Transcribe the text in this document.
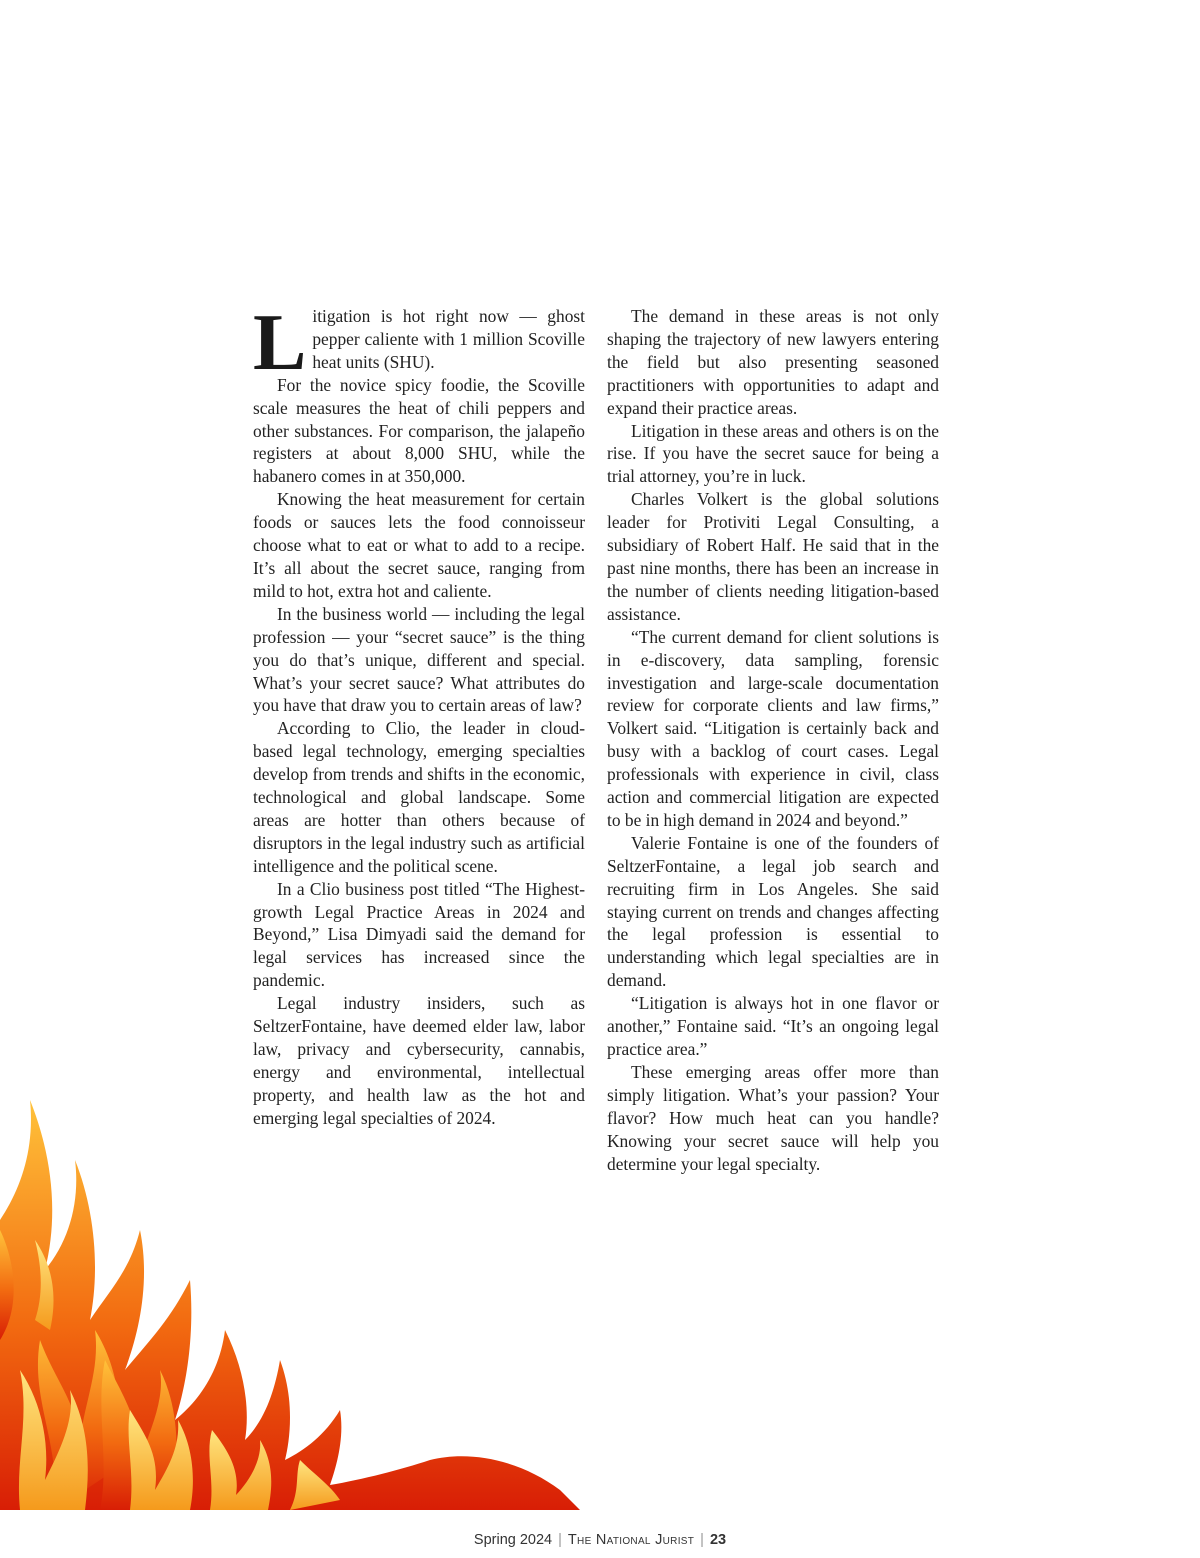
Litigation is hot right now — ghost pepper caliente with 1 million Scoville heat units (SHU).

For the novice spicy foodie, the Scoville scale measures the heat of chili peppers and other substances. For comparison, the jalapeño registers at about 8,000 SHU, while the habanero comes in at 350,000.

Knowing the heat measurement for certain foods or sauces lets the food connoisseur choose what to eat or what to add to a recipe. It’s all about the secret sauce, ranging from mild to hot, extra hot and caliente.

In the business world — including the legal profession — your “secret sauce” is the thing you do that’s unique, different and special. What’s your secret sauce? What attributes do you have that draw you to certain areas of law?

According to Clio, the leader in cloud-based legal technology, emerging specialties develop from trends and shifts in the economic, technological and global landscape. Some areas are hotter than others because of disruptors in the legal industry such as artificial intelligence and the political scene.

In a Clio business post titled “The Highest-growth Legal Practice Areas in 2024 and Beyond,” Lisa Dimyadi said the demand for legal services has increased since the pandemic.

Legal industry insiders, such as SeltzerFontaine, have deemed elder law, labor law, privacy and cybersecurity, cannabis, energy and environmental, intellectual property, and health law as the hot and emerging legal specialties of 2024.

The demand in these areas is not only shaping the trajectory of new lawyers entering the field but also presenting seasoned practitioners with opportunities to adapt and expand their practice areas.

Litigation in these areas and others is on the rise. If you have the secret sauce for being a trial attorney, you’re in luck.

Charles Volkert is the global solutions leader for Protiviti Legal Consulting, a subsidiary of Robert Half. He said that in the past nine months, there has been an increase in the number of clients needing litigation-based assistance.

“The current demand for client solutions is in e-discovery, data sampling, forensic investigation and large-scale documentation review for corporate clients and law firms,” Volkert said. “Litigation is certainly back and busy with a backlog of court cases. Legal professionals with experience in civil, class action and commercial litigation are expected to be in high demand in 2024 and beyond.”

Valerie Fontaine is one of the founders of SeltzerFontaine, a legal job search and recruiting firm in Los Angeles. She said staying current on trends and changes affecting the legal profession is essential to understanding which legal specialties are in demand.

“Litigation is always hot in one flavor or another,” Fontaine said. “It’s an ongoing legal practice area.”

These emerging areas offer more than simply litigation. What’s your passion? Your flavor? How much heat can you handle? Knowing your secret sauce will help you determine your legal specialty.

Spring 2024 | The National Jurist | 23
